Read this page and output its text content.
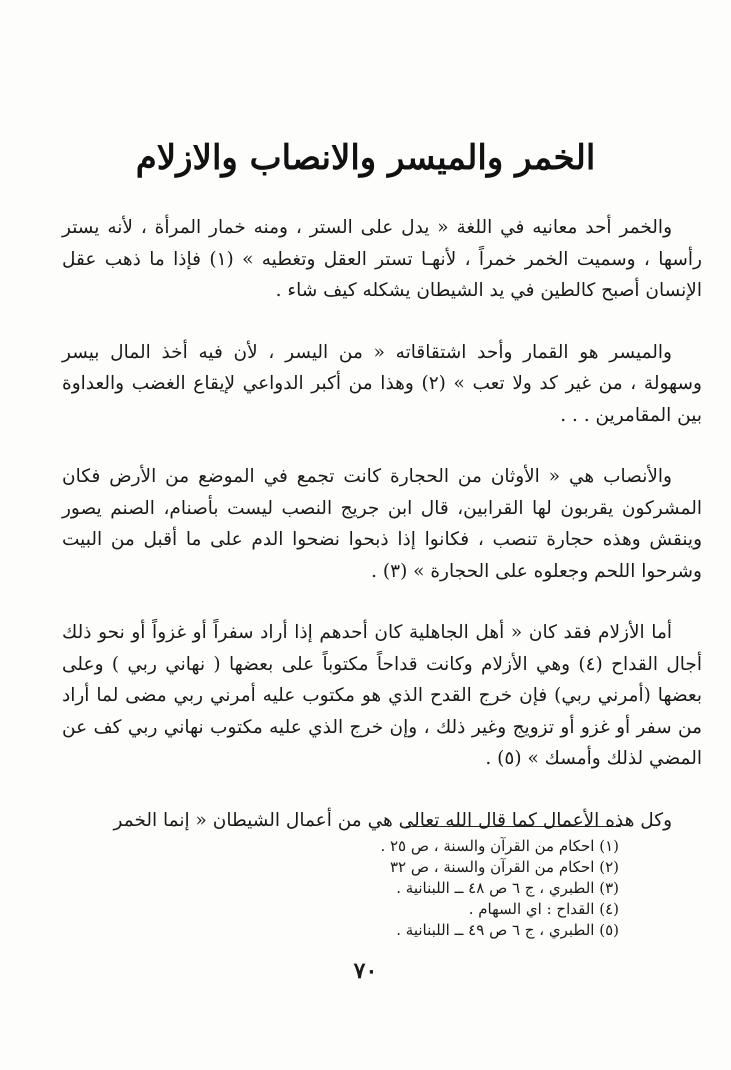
الخمر والميسر والانصاب والازلام

والخمر أحد معانيه في اللغة « يدل على الستر ، ومنه خمار المرأة ، لأنه يستر رأسها ، وسميت الخمر خمراً ، لأنهـا تستر العقل وتغطيه » (١) فإذا ما ذهب عقل الإنسان أصبح كالطين في يد الشيطان يشكله كيف شاء .

والميسر هو القمار وأحد اشتقاقاته « من اليسر ، لأن فيه أخذ المال بيسر وسهولة ، من غير كد ولا تعب » (٢) وهذا من أكبر الدواعي لإيقاع الغضب والعداوة بين المقامرين . . .

والأنصاب هي « الأوثان من الحجارة كانت تجمع في الموضع من الأرض فكان المشركون يقربون لها القرابين، قال ابن جريج النصب ليست بأصنام، الصنم يصور وينقش وهذه حجارة تنصب ، فكانوا إذا ذبحوا نضحوا الدم على ما أقبل من البيت وشرحوا اللحم وجعلوه على الحجارة » (٣) .

أما الأزلام فقد كان « أهل الجاهلية كان أحدهم إذا أراد سفراً أو غزواً أو نحو ذلك أجال القداح (٤) وهي الأزلام وكانت قداحاً مكتوباً على بعضها ( نهاني ربي ) وعلى بعضها (أمرني ربي) فإن خرج القدح الذي هو مكتوب عليه أمرني ربي مضى لما أراد من سفر أو غزو أو تزويج وغير ذلك ، وإن خرج الذي عليه مكتوب نهاني ربي كف عن المضي لذلك وأمسك » (٥) .

وكل هذه الأعمال كما قال الله تعالى هي من أعمال الشيطان « إنما الخمر

(١) احكام من القرآن والسنة ، ص ٢٥ .
(٢) احكام من القرآن والسنة ، ص ٣٢
(٣) الطبري ، ج ٦ ص ٤٨ ــ اللبنانية .
(٤) القداح : اي السهام .
(٥) الطبري ، ج ٦ ص ٤٩ ــ اللبنانية .
٧٠
